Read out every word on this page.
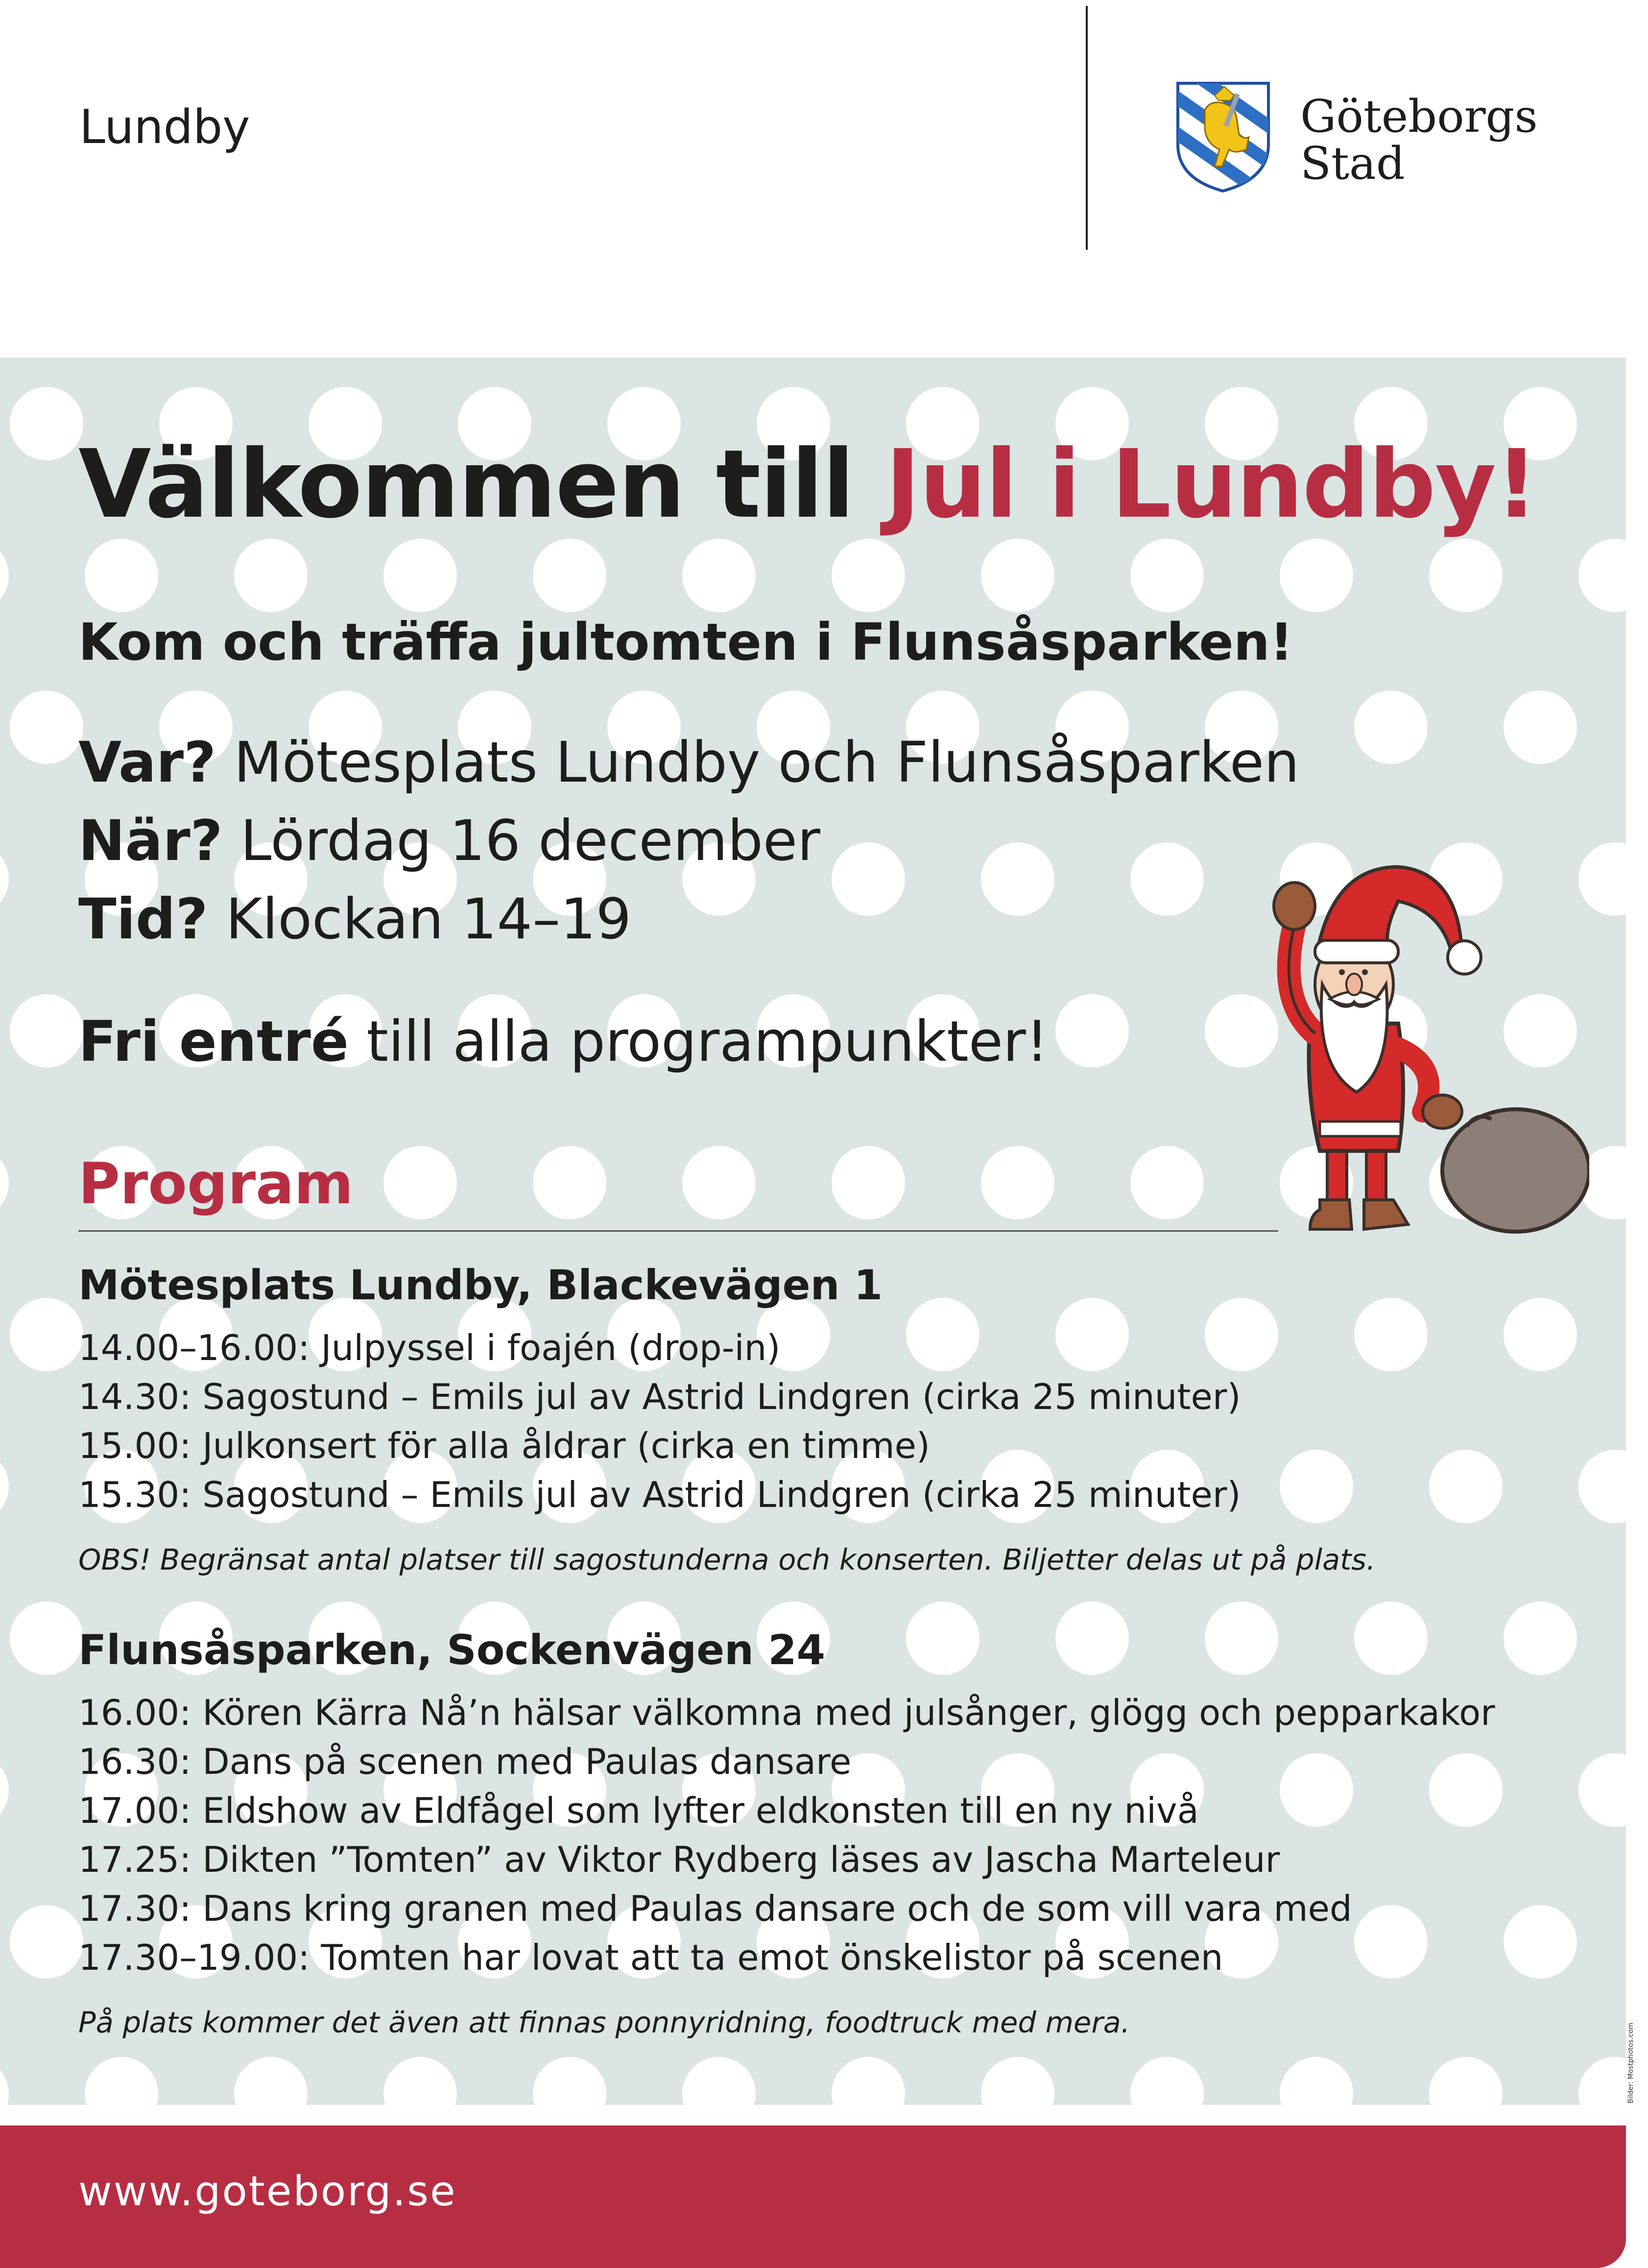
Lundby	Göteborgs
Stad
Välkommen till Jul i Lundby!
Kom och träffa jultomten i Flunsåsparken!
Var? Mötesplats Lundby och Flunsåsparken
När? Lördag 16 december
Tid? Klockan 14–19
Fri entré till alla programpunkter!
Program
Mötesplats Lundby, Blackevägen 1
14.00–16.00: Julpyssel i foajén (drop-in)
14.30: Sagostund – Emils jul av Astrid Lindgren (cirka 25 minuter)
15.00: Julkonsert för alla åldrar (cirka en timme)
15.30: Sagostund – Emils jul av Astrid Lindgren (cirka 25 minuter)
OBS! Begränsat antal platser till sagostunderna och konserten. Biljetter delas ut på plats.
Flunsåsparken, Sockenvägen 24
16.00: Kören Kärra Nå’n hälsar välkomna med julsånger, glögg och pepparkakor
16.30: Dans på scenen med Paulas dansare
17.00: Eldshow av Eldfågel som lyfter eldkonsten till en ny nivå
17.25: Dikten ”Tomten” av Viktor Rydberg läses av Jascha Marteleur
17.30: Dans kring granen med Paulas dansare och de som vill vara med
17.30–19.00: Tomten har lovat att ta emot önskelistor på scenen
På plats kommer det även att finnas ponnyridning, foodtruck med mera.
Bilder: Mostphotos.com
www.goteborg.se
